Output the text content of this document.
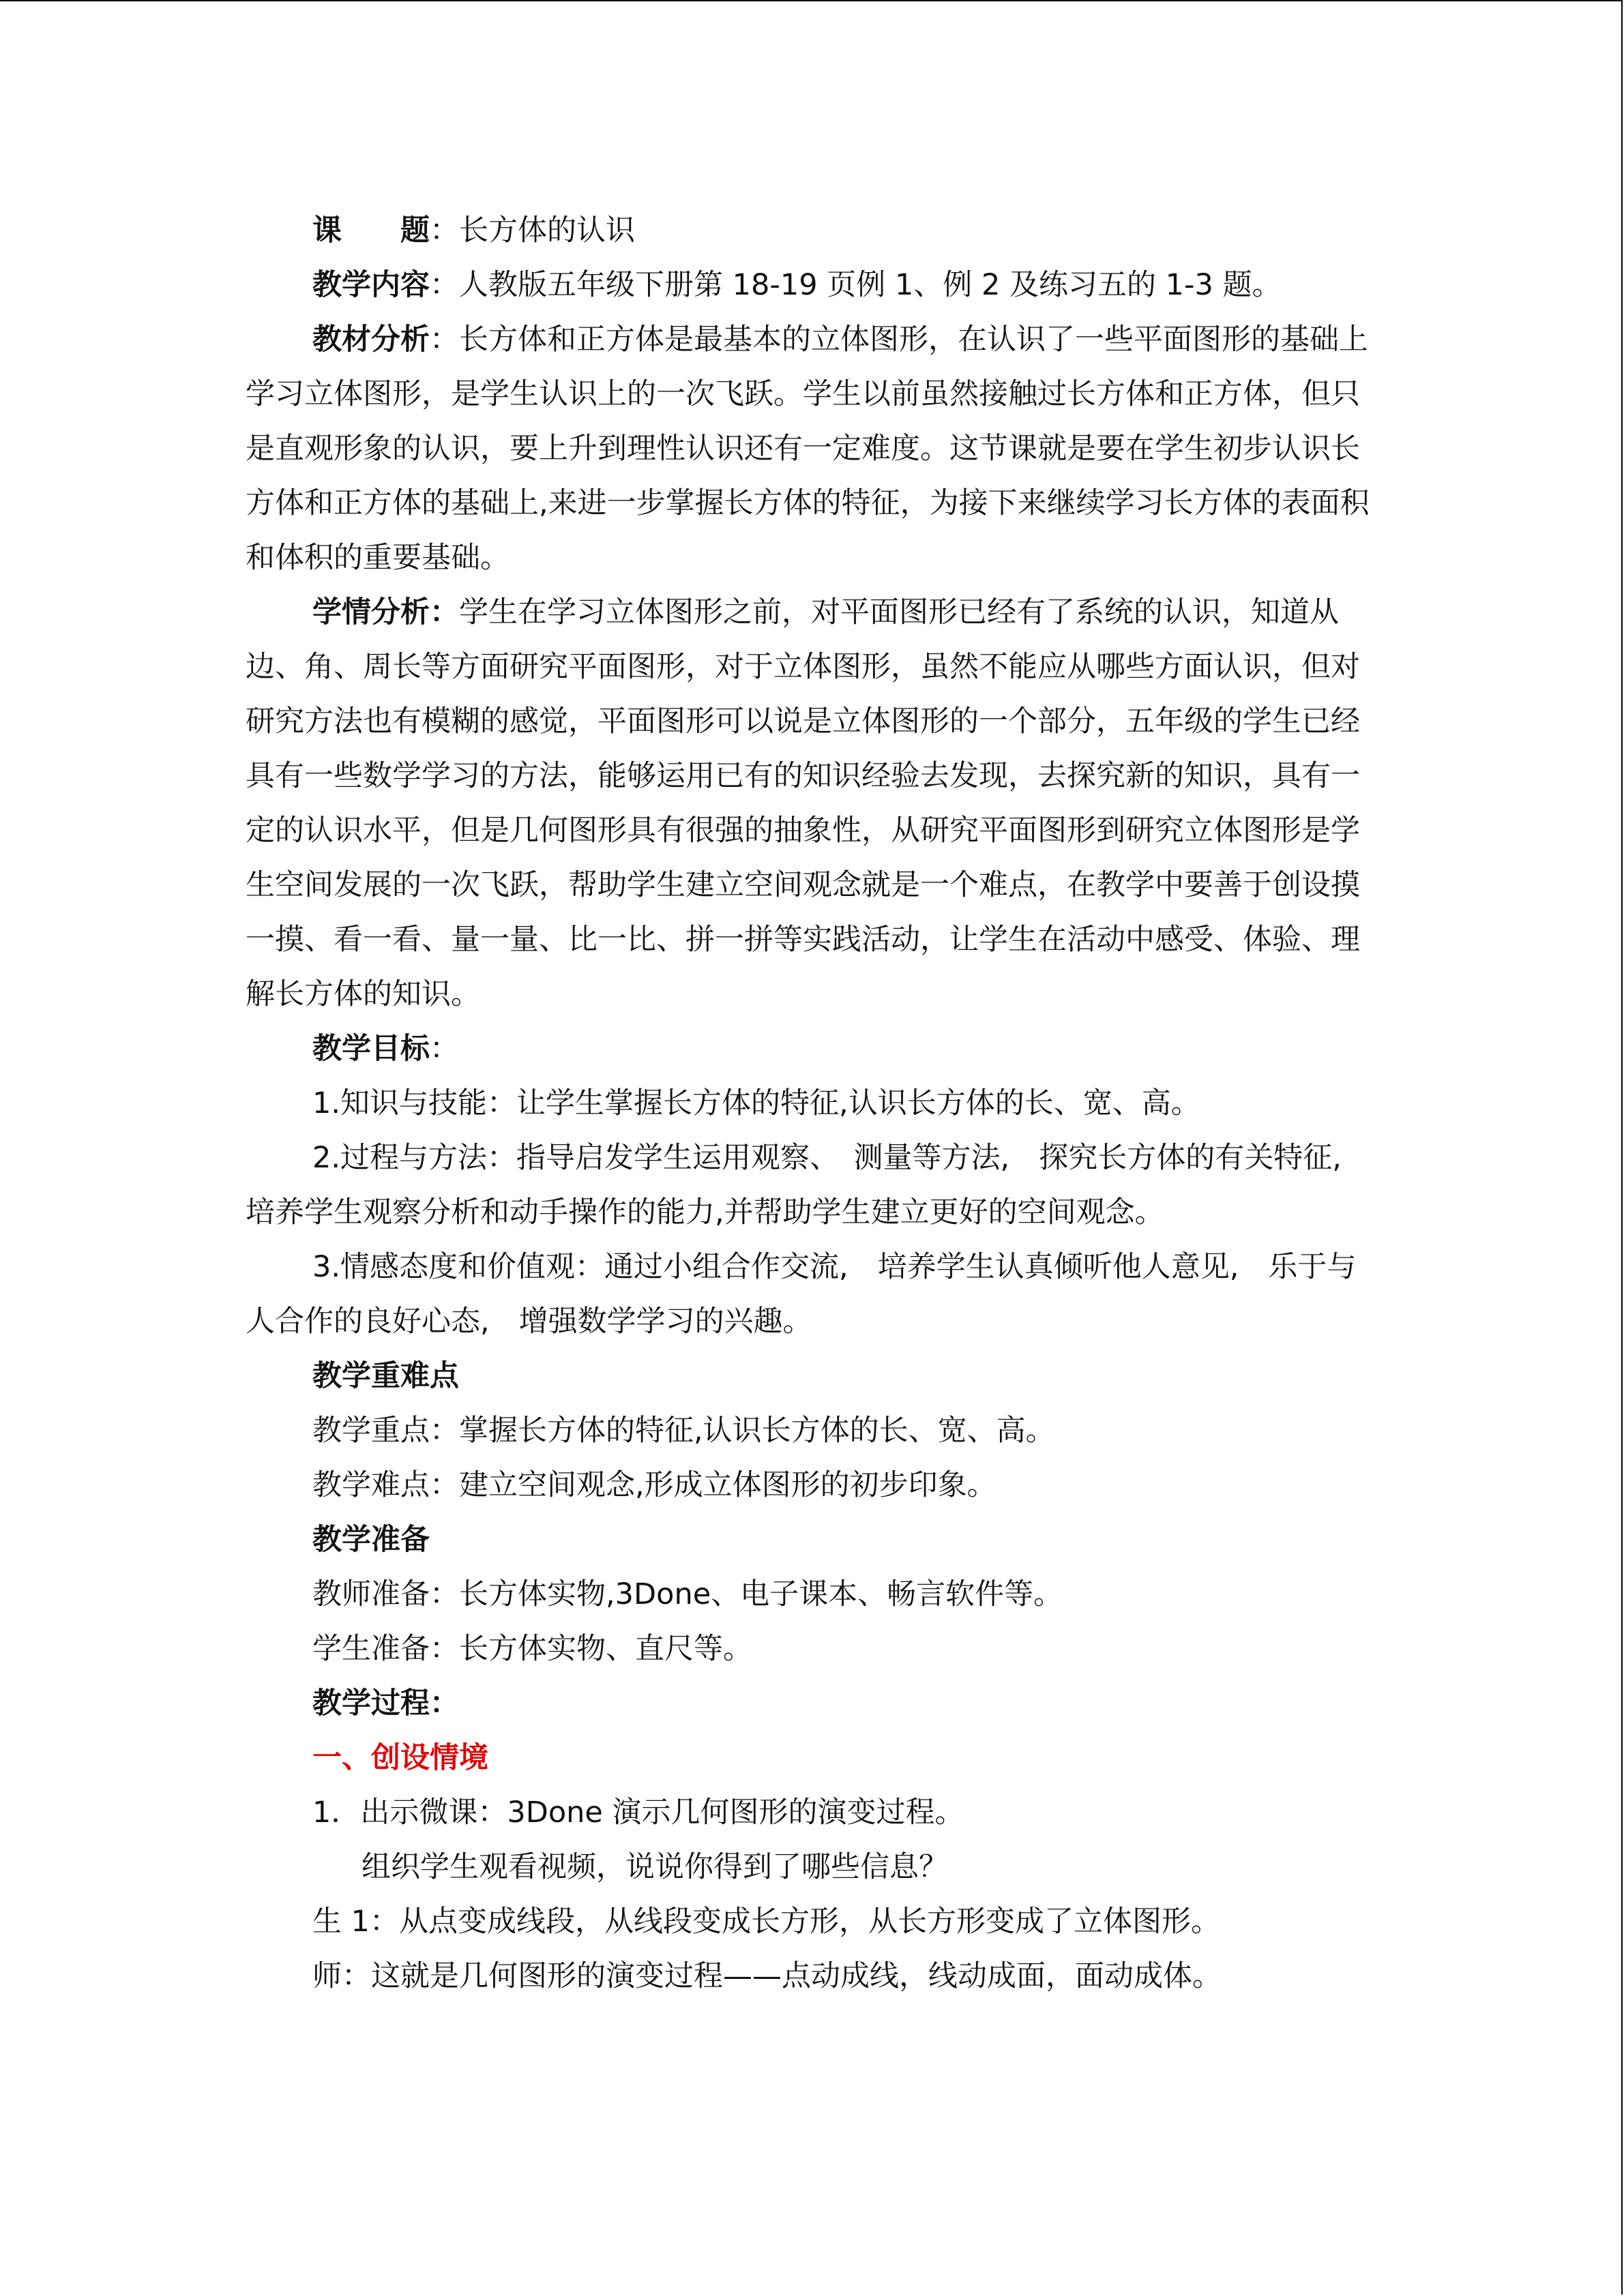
课　　题：长方体的认识

教学内容：人教版五年级下册第 18-19 页例 1、例 2 及练习五的 1-3 题。

教材分析：长方体和正方体是最基本的立体图形，在认识了一些平面图形的基础上学习立体图形，是学生认识上的一次飞跃。学生以前虽然接触过长方体和正方体，但只是直观形象的认识，要上升到理性认识还有一定难度。这节课就是要在学生初步认识长方体和正方体的基础上,来进一步掌握长方体的特征，为接下来继续学习长方体的表面积和体积的重要基础。

学情分析：学生在学习立体图形之前，对平面图形已经有了系统的认识，知道从边、角、周长等方面研究平面图形，对于立体图形，虽然不能应从哪些方面认识，但对研究方法也有模糊的感觉，平面图形可以说是立体图形的一个部分，五年级的学生已经具有一些数学学习的方法，能够运用已有的知识经验去发现，去探究新的知识，具有一定的认识水平，但是几何图形具有很强的抽象性，从研究平面图形到研究立体图形是学生空间发展的一次飞跃，帮助学生建立空间观念就是一个难点，在教学中要善于创设摸一摸、看一看、量一量、比一比、拼一拼等实践活动，让学生在活动中感受、体验、理解长方体的知识。

教学目标：

1.知识与技能：让学生掌握长方体的特征,认识长方体的长、宽、高。

2.过程与方法：指导启发学生运用观察、　测量等方法,　探究长方体的有关特征,　培养学生观察分析和动手操作的能力,并帮助学生建立更好的空间观念。

3.情感态度和价值观：通过小组合作交流,　培养学生认真倾听他人意见,　乐于与人合作的良好心态,　增强数学学习的兴趣。

教学重难点

教学重点：掌握长方体的特征,认识长方体的长、宽、高。

教学难点：建立空间观念,形成立体图形的初步印象。

教学准备

教师准备：长方体实物,3Done、电子课本、畅言软件等。

学生准备：长方体实物、直尺等。

教学过程：

一、创设情境

1．出示微课：3Done 演示几何图形的演变过程。

组织学生观看视频，说说你得到了哪些信息？

生 1：从点变成线段，从线段变成长方形，从长方形变成了立体图形。

师：这就是几何图形的演变过程——点动成线，线动成面，面动成体。
